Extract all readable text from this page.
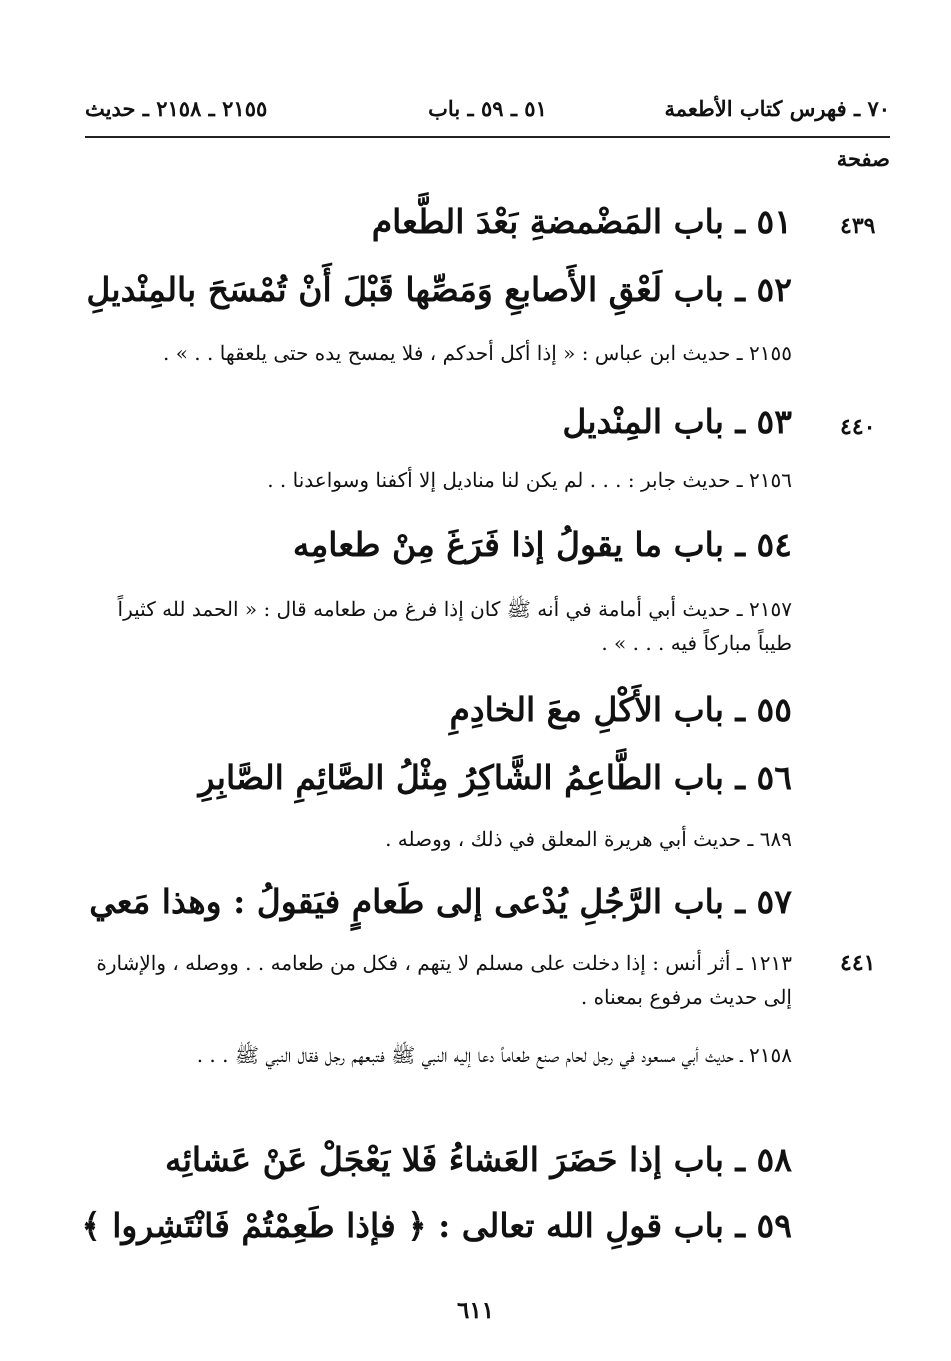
٧٠ ـ فهرس كتاب الأطعمة
٥١ ـ ٥٩ ـ باب
٢١٥٥ ـ ٢١٥٨ ـ حديث
صفحة
٤٣٩
٥١ ـ باب المَضْمضةِ بَعْدَ الطَّعام
٥٢ ـ باب لَعْقِ الأَصابعِ وَمَصِّها قَبْلَ أَنْ تُمْسَحَ بالمِنْديلِ
٢١٥٥ ـ حديث ابن عباس : « إذا أكل أحدكم ، فلا يمسح يده حتى يلعقها . . » .
٤٤٠
٥٣ ـ باب المِنْديل
٢١٥٦ ـ حديث جابر : . . . لم يكن لنا مناديل إلا أكفنا وسواعدنا . .
٥٤ ـ باب ما يقولُ إذا فَرَغَ مِنْ طعامِه
٢١٥٧ ـ حديث أبي أمامة في أنه ﷺ كان إذا فرغ من طعامه قال : « الحمد لله كثيراً طيباً مباركاً فيه . . . » .
٥٥ ـ باب الأَكْلِ معَ الخادِمِ
٥٦ ـ باب الطَّاعِمُ الشَّاكِرُ مِثْلُ الصَّائِمِ الصَّابِرِ
٦٨٩ ـ حديث أبي هريرة المعلق في ذلك ، ووصله .
٥٧ ـ باب الرَّجُلِ يُدْعى إلى طَعامٍ فيَقولُ : وهذا مَعي
٤٤١
١٢١٣ ـ أثر أنس : إذا دخلت على مسلم لا يتهم ، فكل من طعامه . . ووصله ، والإشارة إلى حديث مرفوع بمعناه .
٢١٥٨ ـ حديث أبي مسعود في رجل لحام صنع طعاماً دعا إليه النبي ﷺ فتبعهم رجل فقال النبي ﷺ . . .
٥٨ ـ باب إذا حَضَرَ العَشاءُ فَلا يَعْجَلْ عَنْ عَشائِه
٥٩ ـ باب قولِ الله تعالى : ﴿ فإذا طَعِمْتُمْ فَانْتَشِروا ﴾
٦١١
